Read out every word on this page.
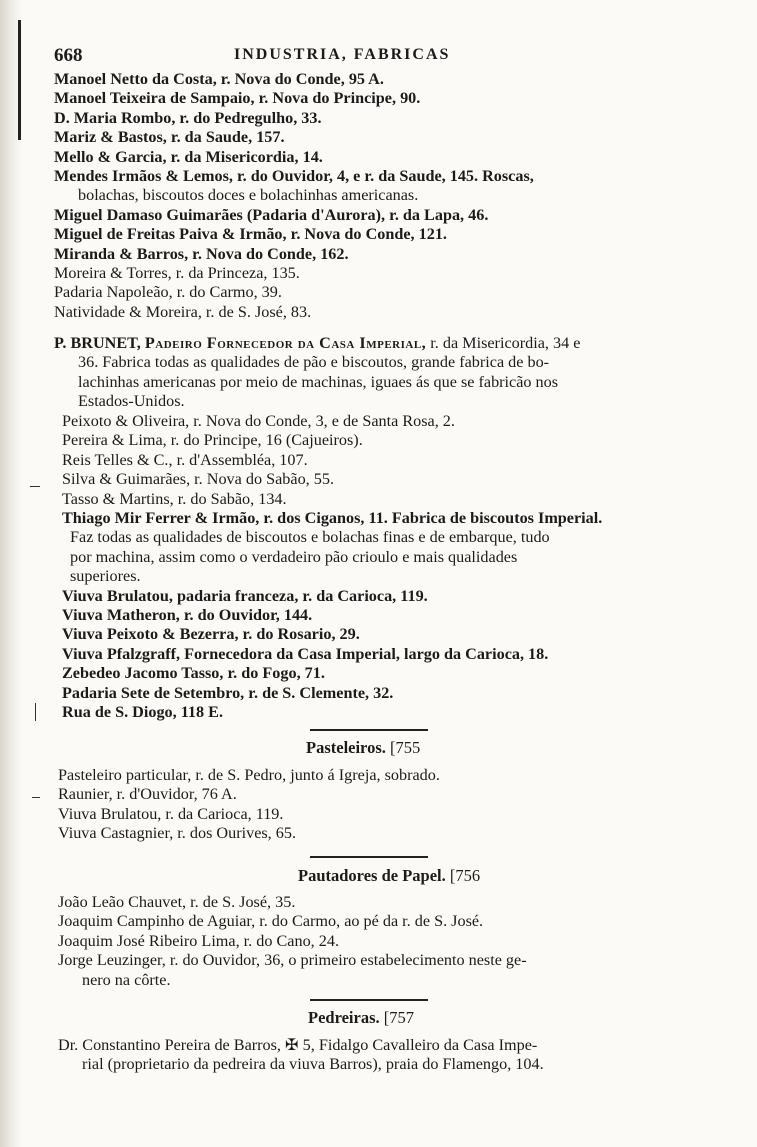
668	INDUSTRIA, FABRICAS
Manoel Netto da Costa, r. Nova do Conde, 95 A.
Manoel Teixeira de Sampaio, r. Nova do Principe, 90.
D. Maria Rombo, r. do Pedregulho, 33.
Mariz & Bastos, r. da Saude, 157.
Mello & Garcia, r. da Misericordia, 14.
Mendes Irmãos & Lemos, r. do Ouvidor, 4, e r. da Saude, 145. Roscas,
bolachas, biscoutos doces e bolachinhas americanas.
Miguel Damaso Guimarães (Padaria d'Aurora), r. da Lapa, 46.
Miguel de Freitas Paiva & Irmão, r. Nova do Conde, 121.
Miranda & Barros, r. Nova do Conde, 162.
Moreira & Torres, r. da Princeza, 135.
Padaria Napoleão, r. do Carmo, 39.
Natividade & Moreira, r. de S. José, 83.
P. BRUNET, Padeiro Fornecedor da Casa Imperial, r. da Misericordia, 34 e
36. Fabrica todas as qualidades de pão e biscoutos, grande fabrica de bo-
lachinhas americanas por meio de machinas, iguaes ás que se fabricão nos
Estados-Unidos.
Peixoto & Oliveira, r. Nova do Conde, 3, e de Santa Rosa, 2.
Pereira & Lima, r. do Principe, 16 (Cajueiros).
Reis Telles & C., r. d'Assembléa, 107.
Silva & Guimarães, r. Nova do Sabão, 55.
Tasso & Martins, r. do Sabão, 134.
Thiago Mir Ferrer & Irmão, r. dos Ciganos, 11. Fabrica de biscoutos Imperial.
Faz todas as qualidades de biscoutos e bolachas finas e de embarque, tudo
por machina, assim como o verdadeiro pão crioulo e mais qualidades
superiores.
Viuva Brulatou, padaria franceza, r. da Carioca, 119.
Viuva Matheron, r. do Ouvidor, 144.
Viuva Peixoto & Bezerra, r. do Rosario, 29.
Viuva Pfalzgraff, Fornecedora da Casa Imperial, largo da Carioca, 18.
Zebedeo Jacomo Tasso, r. do Fogo, 71.
Padaria Sete de Setembro, r. de S. Clemente, 32.
Rua de S. Diogo, 118 E.
Pasteleiros. [755
Pasteleiro particular, r. de S. Pedro, junto á Igreja, sobrado.
Raunier, r. d'Ouvidor, 76 A.
Viuva Brulatou, r. da Carioca, 119.
Viuva Castagnier, r. dos Ourives, 65.
Pautadores de Papel. [756
João Leão Chauvet, r. de S. José, 35.
Joaquim Campinho de Aguiar, r. do Carmo, ao pé da r. de S. José.
Joaquim José Ribeiro Lima, r. do Cano, 24.
Jorge Leuzinger, r. do Ouvidor, 36, o primeiro estabelecimento neste ge-
nero na côrte.
Pedreiras. [757
Dr. Constantino Pereira de Barros, ✠ 5, Fidalgo Cavalleiro da Casa Impe-
rial (proprietario da pedreira da viuva Barros), praia do Flamengo, 104.
